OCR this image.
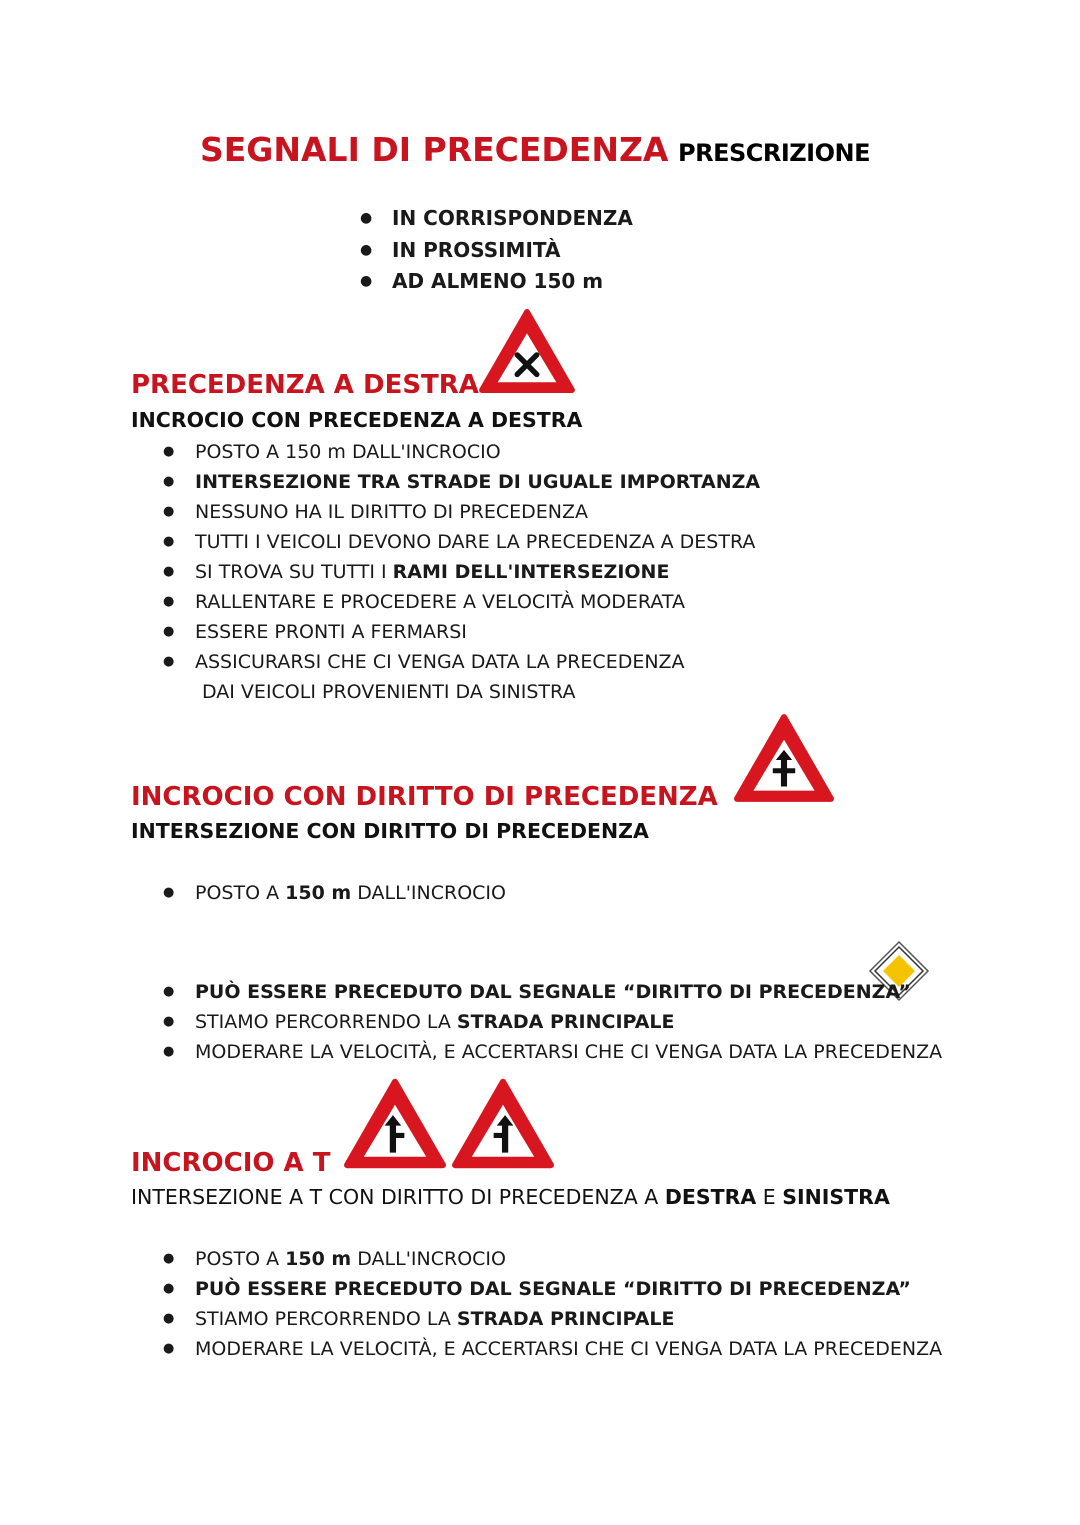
SEGNALI DI PRECEDENZA PRESCRIZIONE
● IN CORRISPONDENZA
● IN PROSSIMITÀ
● AD ALMENO 150 m
PRECEDENZA A DESTRA
INCROCIO CON PRECEDENZA A DESTRA
● POSTO A 150 m DALL'INCROCIO
● INTERSEZIONE TRA STRADE DI UGUALE IMPORTANZA
● NESSUNO HA IL DIRITTO DI PRECEDENZA
● TUTTI I VEICOLI DEVONO DARE LA PRECEDENZA A DESTRA
● SI TROVA SU TUTTI I RAMI DELL'INTERSEZIONE
● RALLENTARE E PROCEDERE A VELOCITÀ MODERATA
● ESSERE PRONTI A FERMARSI
● ASSICURARSI CHE CI VENGA DATA LA PRECEDENZA
DAI VEICOLI PROVENIENTI DA SINISTRA
INCROCIO CON DIRITTO DI PRECEDENZA
INTERSEZIONE CON DIRITTO DI PRECEDENZA
● POSTO A 150 m DALL'INCROCIO
● PUÒ ESSERE PRECEDUTO DAL SEGNALE “DIRITTO DI PRECEDENZA”
● STIAMO PERCORRENDO LA STRADA PRINCIPALE
● MODERARE LA VELOCITÀ, E ACCERTARSI CHE CI VENGA DATA LA PRECEDENZA
INCROCIO A T
INTERSEZIONE A T CON DIRITTO DI PRECEDENZA A DESTRA E SINISTRA
● POSTO A 150 m DALL'INCROCIO
● PUÒ ESSERE PRECEDUTO DAL SEGNALE “DIRITTO DI PRECEDENZA”
● STIAMO PERCORRENDO LA STRADA PRINCIPALE
● MODERARE LA VELOCITÀ, E ACCERTARSI CHE CI VENGA DATA LA PRECEDENZA
